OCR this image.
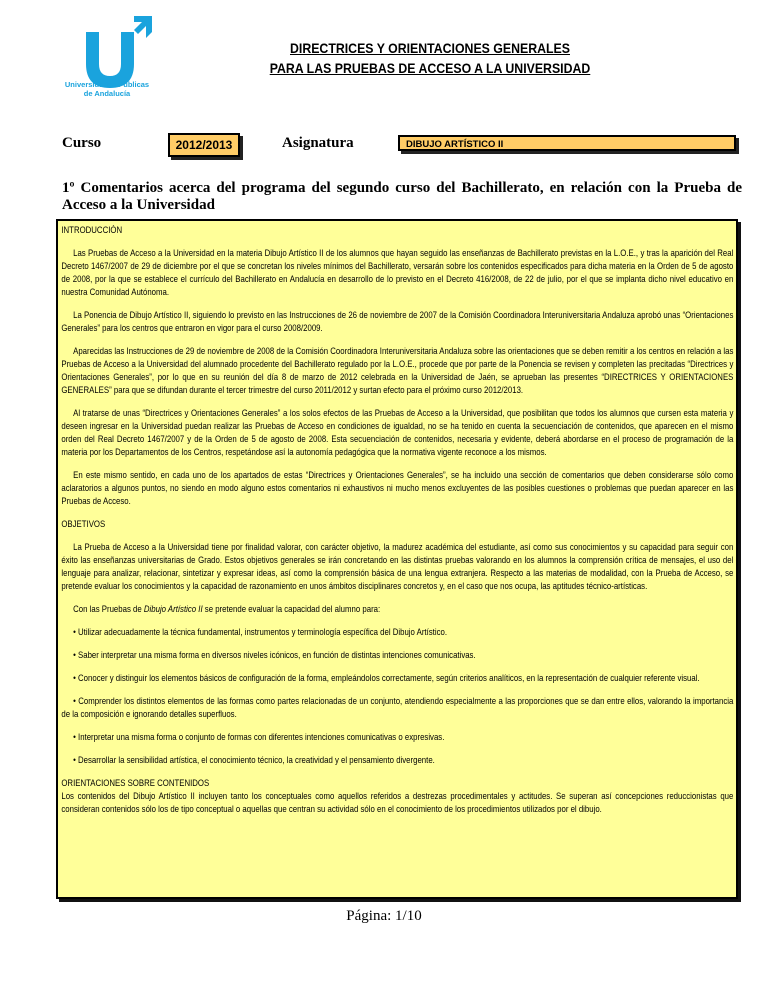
Universidades Públicas
de Andalucía
DIRECTRICES Y ORIENTACIONES GENERALES
PARA LAS PRUEBAS DE ACCESO A LA UNIVERSIDAD
Curso	2012/2013	Asignatura	DIBUJO ARTÍSTICO II
1º Comentarios acerca del programa del segundo curso del Bachillerato, en relación con la Prueba de Acceso a la Universidad

INTRODUCCIÓN

Las Pruebas de Acceso a la Universidad en la materia Dibujo Artístico II de los alumnos que hayan seguido las enseñanzas de Bachillerato previstas en la L.O.E., y tras la aparición del Real Decreto 1467/2007 de 29 de diciembre por el que se concretan los niveles mínimos del Bachillerato, versarán sobre los contenidos especificados para dicha materia en la Orden de 5 de agosto de 2008, por la que se establece el currículo del Bachillerato en Andalucía en desarrollo de lo previsto en el Decreto 416/2008, de 22 de julio, por el que se implanta dicho nivel educativo en nuestra Comunidad Autónoma.

La Ponencia de Dibujo Artístico II, siguiendo lo previsto en las Instrucciones de 26 de noviembre de 2007 de la Comisión Coordinadora Interuniversitaria Andaluza aprobó unas “Orientaciones Generales” para los centros que entraron en vigor para el curso 2008/2009.

Aparecidas las Instrucciones de 29 de noviembre de 2008 de la Comisión Coordinadora Interuniversitaria Andaluza sobre las orientaciones que se deben remitir a los centros en relación a las Pruebas de Acceso a la Universidad del alumnado procedente del Bachillerato regulado por la L.O.E., procede que por parte de la Ponencia se revisen y completen las precitadas “Directrices y Orientaciones Generales”, por lo que en su reunión del día 8 de marzo de 2012 celebrada en la Universidad de Jaén, se aprueban las presentes “DIRECTRICES Y ORIENTACIONES GENERALES” para que se difundan durante el tercer trimestre del curso 2011/2012 y surtan efecto para el próximo curso 2012/2013.

Al tratarse de unas “Directrices y Orientaciones Generales” a los solos efectos de las Pruebas de Acceso a la Universidad, que posibilitan que todos los alumnos que cursen esta materia y deseen ingresar en la Universidad puedan realizar las Pruebas de Acceso en condiciones de igualdad, no se ha tenido en cuenta la secuenciación de contenidos, que aparecen en el mismo orden del Real Decreto 1467/2007 y de la Orden de 5 de agosto de 2008. Esta secuenciación de contenidos, necesaria y evidente, deberá abordarse en el proceso de programación de la materia por los Departamentos de los Centros, respetándose así la autonomía pedagógica que la normativa vigente reconoce a los mismos.

En este mismo sentido, en cada uno de los apartados de estas “Directrices y Orientaciones Generales”, se ha incluido una sección de comentarios que deben considerarse sólo como aclaratorios a algunos puntos, no siendo en modo alguno estos comentarios ni exhaustivos ni mucho menos excluyentes de las posibles cuestiones o problemas que puedan aparecer en las Pruebas de Acceso.

OBJETIVOS

La Prueba de Acceso a la Universidad tiene por finalidad valorar, con carácter objetivo, la madurez académica del estudiante, así como sus conocimientos y su capacidad para seguir con éxito las enseñanzas universitarias de Grado. Estos objetivos generales se irán concretando en las distintas pruebas valorando en los alumnos la comprensión crítica de mensajes, el uso del lenguaje para analizar, relacionar, sintetizar y expresar ideas, así como la comprensión básica de una lengua extranjera. Respecto a las materias de modalidad, con la Prueba de Acceso, se pretende evaluar los conocimientos y la capacidad de razonamiento en unos ámbitos disciplinares concretos y, en el caso que nos ocupa, las aptitudes técnico-artísticas.

Con las Pruebas de Dibujo Artístico II se pretende evaluar la capacidad del alumno para:

• Utilizar adecuadamente la técnica fundamental, instrumentos y terminología específica del Dibujo Artístico.

• Saber interpretar una misma forma en diversos niveles icónicos, en función de distintas intenciones comunicativas.

• Conocer y distinguir los elementos básicos de configuración de la forma, empleándolos correctamente, según criterios analíticos, en la representación de cualquier referente visual.

• Comprender los distintos elementos de las formas como partes relacionadas de un conjunto, atendiendo especialmente a las proporciones que se dan entre ellos, valorando la importancia de la composición e ignorando detalles superfluos.

• Interpretar una misma forma o conjunto de formas con diferentes intenciones comunicativas o expresivas.

• Desarrollar la sensibilidad artística, el conocimiento técnico, la creatividad y el pensamiento divergente.

ORIENTACIONES SOBRE CONTENIDOS

Los contenidos del Dibujo Artístico II incluyen tanto los conceptuales como aquellos referidos a destrezas procedimentales y actitudes. Se superan así concepciones reduccionistas que consideran contenidos sólo los de tipo conceptual o aquellas que centran su actividad sólo en el conocimiento de los procedimientos utilizados por el dibujo.

Página: 1/10
